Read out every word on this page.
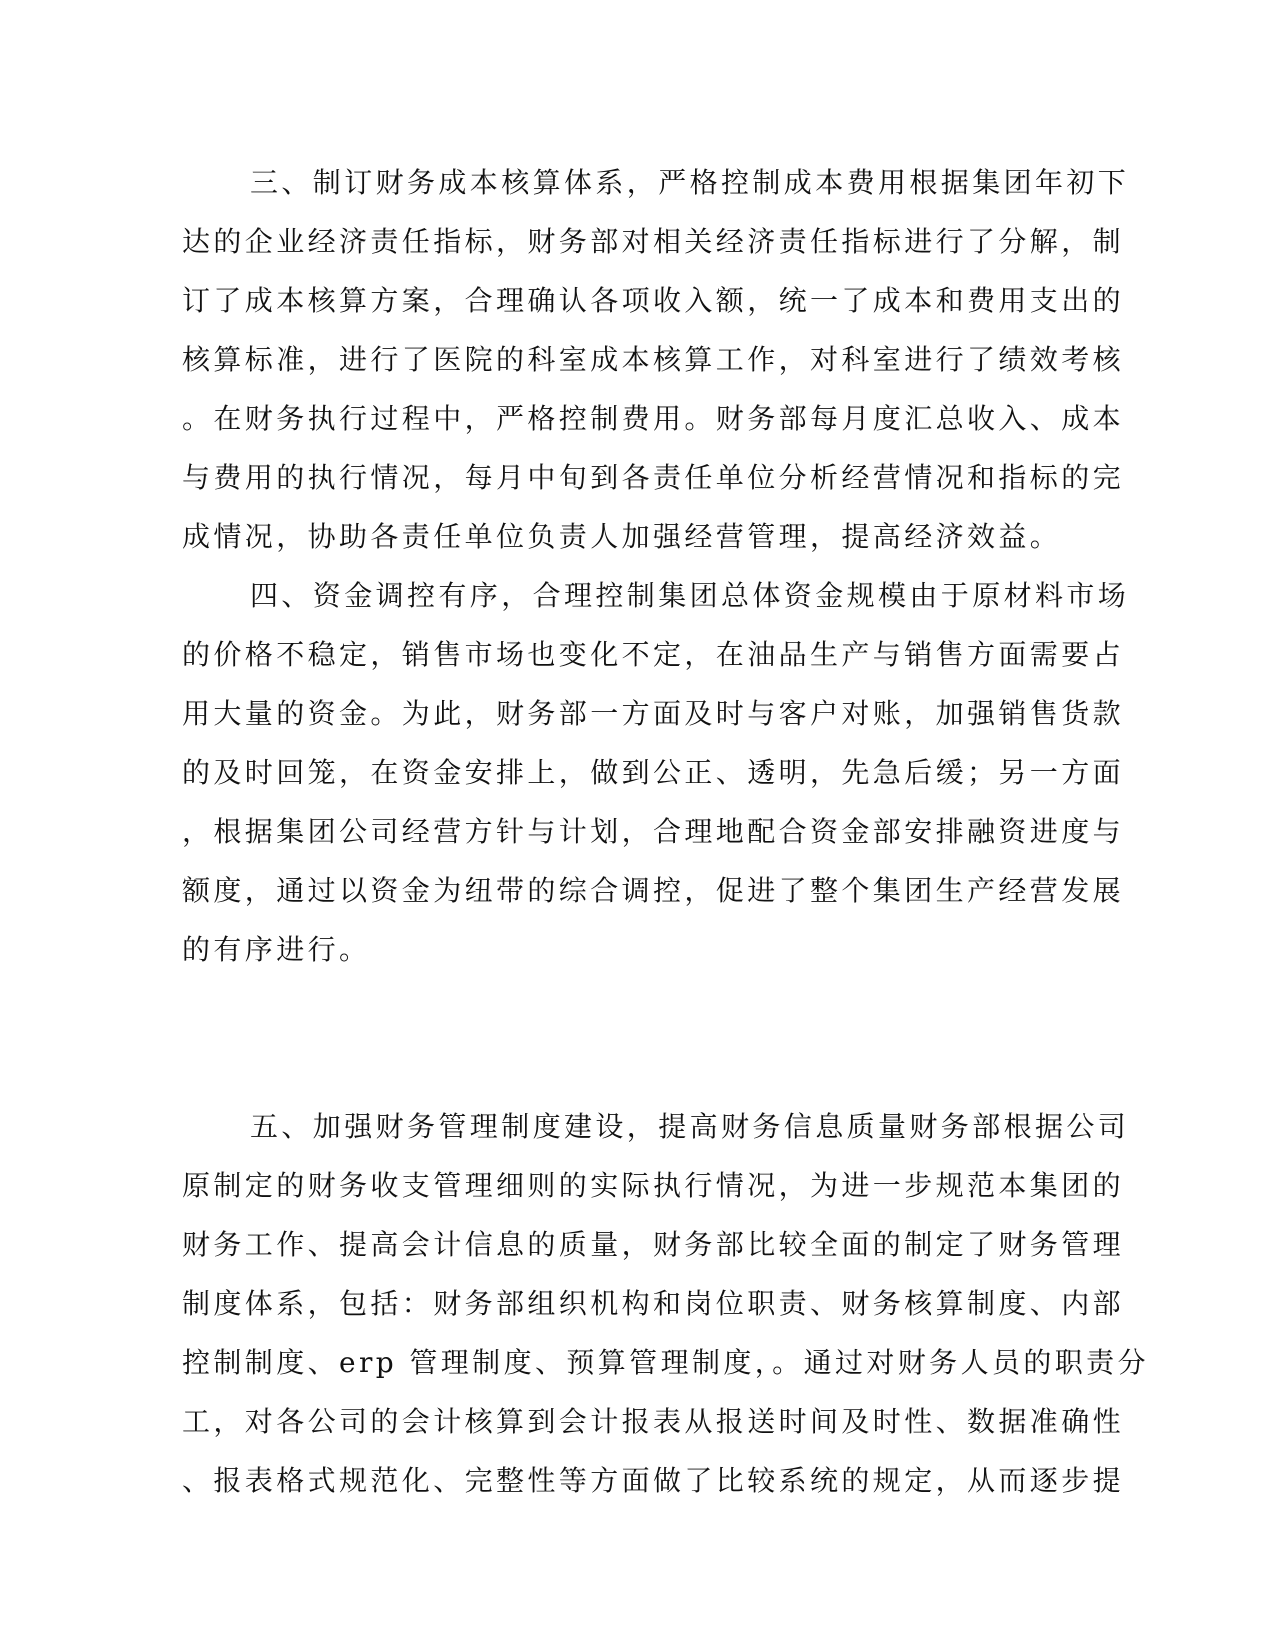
三、制订财务成本核算体系，严格控制成本费用根据集团年初下
达的企业经济责任指标，财务部对相关经济责任指标进行了分解，制
订了成本核算方案，合理确认各项收入额，统一了成本和费用支出的
核算标准，进行了医院的科室成本核算工作，对科室进行了绩效考核
。在财务执行过程中，严格控制费用。财务部每月度汇总收入、成本
与费用的执行情况，每月中旬到各责任单位分析经营情况和指标的完
成情况，协助各责任单位负责人加强经营管理，提高经济效益。
四、资金调控有序，合理控制集团总体资金规模由于原材料市场
的价格不稳定，销售市场也变化不定，在油品生产与销售方面需要占
用大量的资金。为此，财务部一方面及时与客户对账，加强销售货款
的及时回笼，在资金安排上，做到公正、透明，先急后缓；另一方面
，根据集团公司经营方针与计划，合理地配合资金部安排融资进度与
额度，通过以资金为纽带的综合调控，促进了整个集团生产经营发展
的有序进行。
五、加强财务管理制度建设，提高财务信息质量财务部根据公司
原制定的财务收支管理细则的实际执行情况，为进一步规范本集团的
财务工作、提高会计信息的质量，财务部比较全面的制定了财务管理
制度体系，包括：财务部组织机构和岗位职责、财务核算制度、内部
控制制度、erp 管理制度、预算管理制度，。通过对财务人员的职责分
工，对各公司的会计核算到会计报表从报送时间及时性、数据准确性
、报表格式规范化、完整性等方面做了比较系统的规定，从而逐步提
